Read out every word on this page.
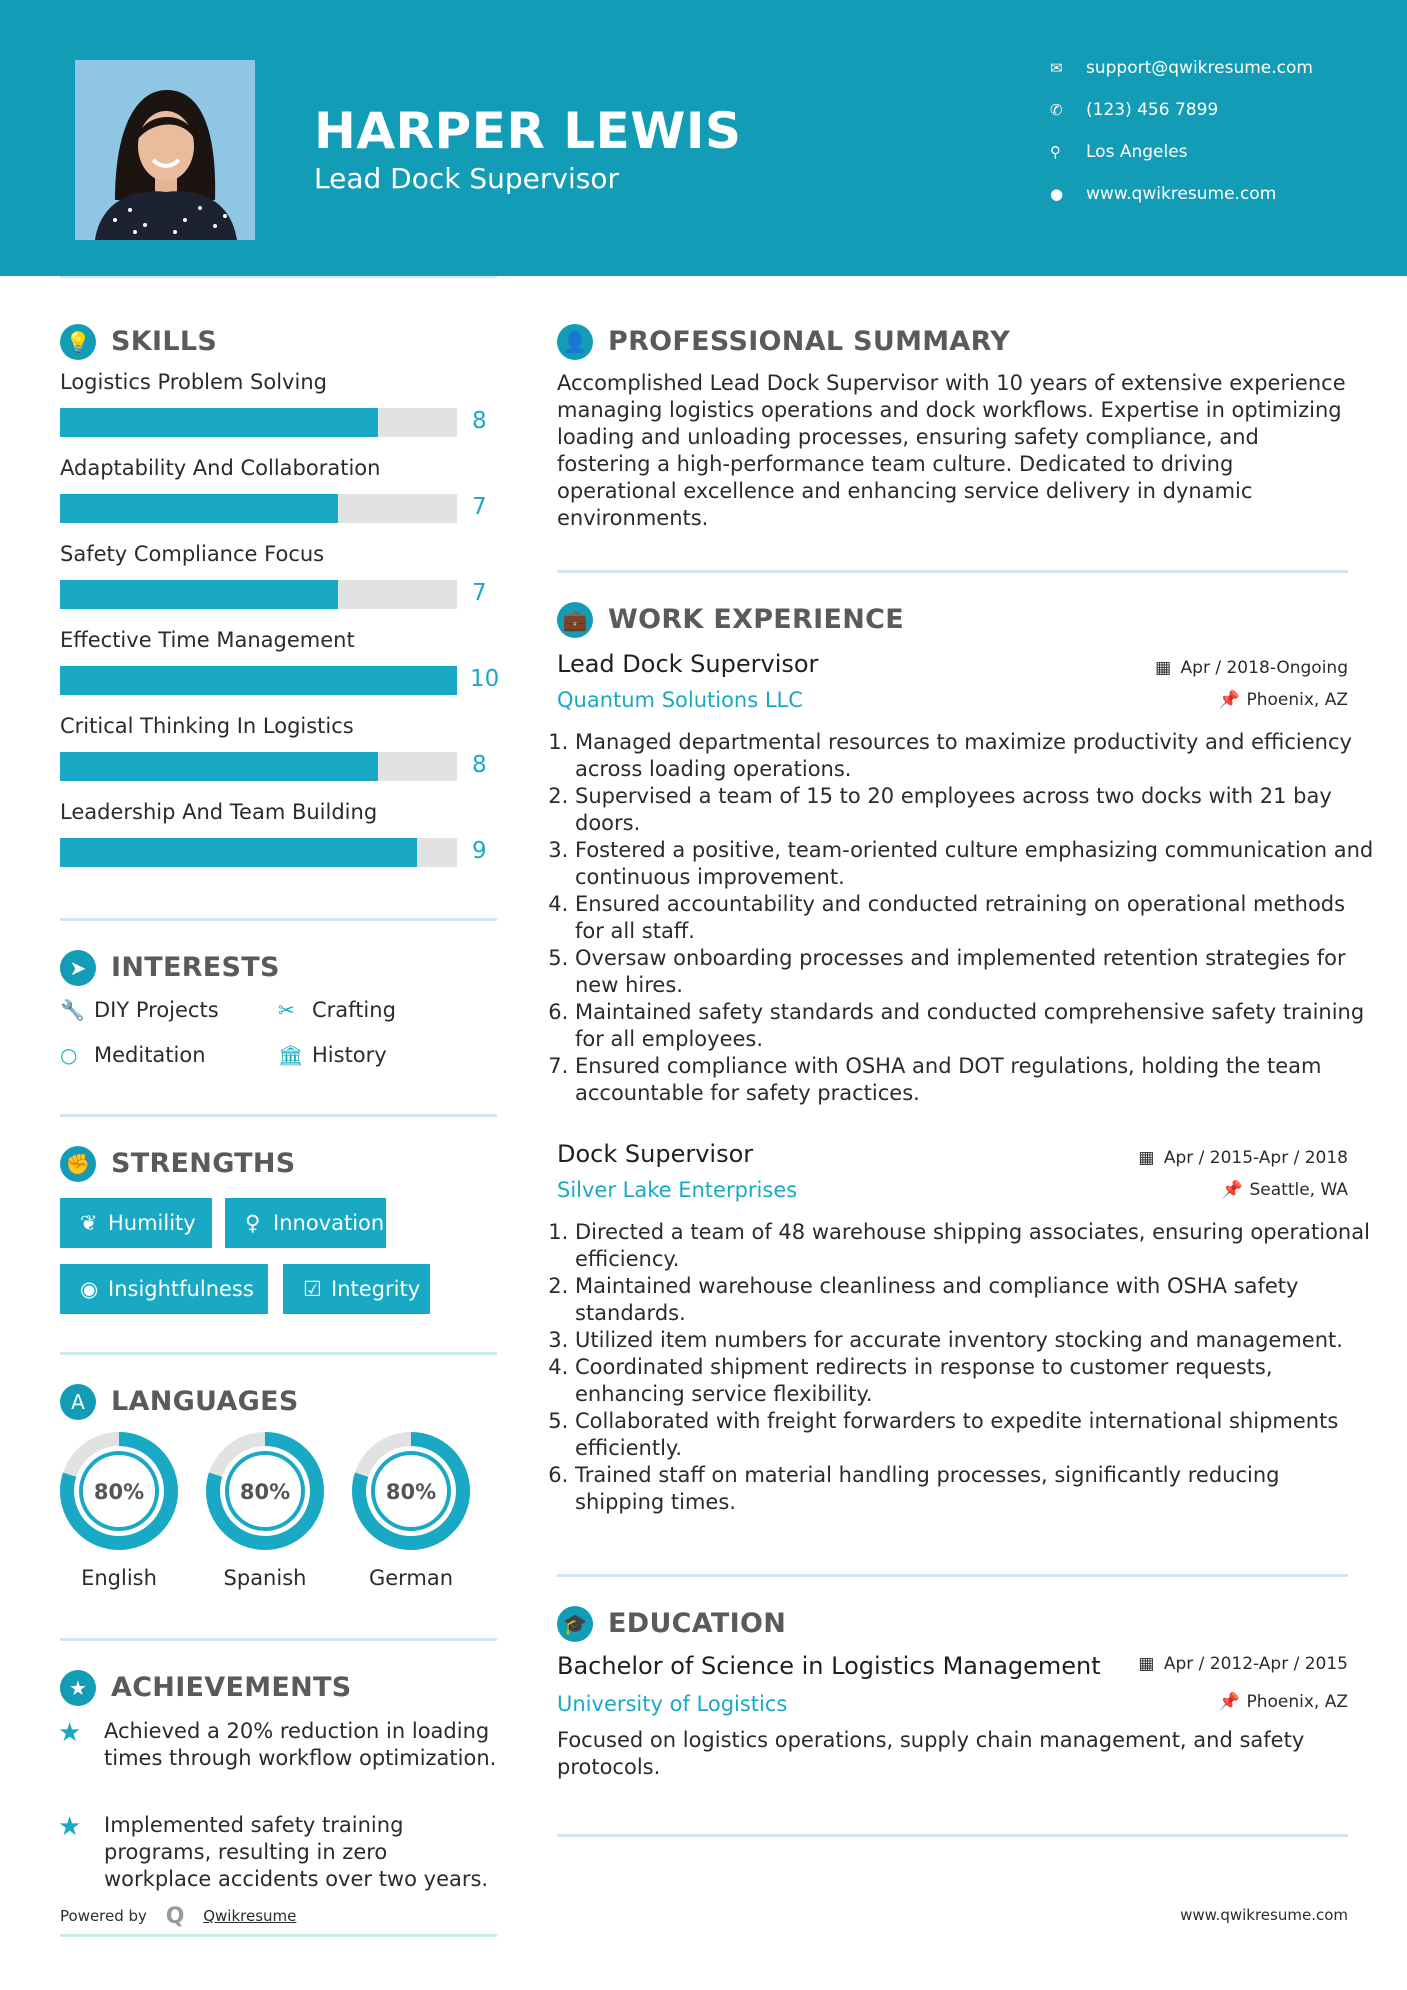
HARPER LEWIS
Lead Dock Supervisor
✉ support@qwikresume.com
✆ (123) 456 7899
⚲ Los Angeles
● www.qwikresume.com
💡 SKILLS
Logistics Problem Solving
8
Adaptability And Collaboration
7
Safety Compliance Focus
7
Effective Time Management
10
Critical Thinking In Logistics
8
Leadership And Team Building
9
➤ INTERESTS
🔧 DIY Projects	✂ Crafting
○ Meditation	🏛 History
✊ STRENGTHS
❦ Humility	♀ Innovation
◉ Insightfulness	☑ Integrity
A LANGUAGES
80%
English
80%
Spanish
80%
German
★ ACHIEVEMENTS
★ Achieved a 20% reduction in loading times through workflow optimization.
★ Implemented safety training programs, resulting in zero workplace accidents over two years.
Powered by Q Qwikresume
👤 PROFESSIONAL SUMMARY
Accomplished Lead Dock Supervisor with 10 years of extensive experience managing logistics operations and dock workflows. Expertise in optimizing loading and unloading processes, ensuring safety compliance, and fostering a high-performance team culture. Dedicated to driving operational excellence and enhancing service delivery in dynamic environments.
💼 WORK EXPERIENCE
Lead Dock Supervisor	▦ Apr / 2018-Ongoing
Quantum Solutions LLC	📌 Phoenix, AZ
1. Managed departmental resources to maximize productivity and efficiency across loading operations.
2. Supervised a team of 15 to 20 employees across two docks with 21 bay doors.
3. Fostered a positive, team-oriented culture emphasizing communication and continuous improvement.
4. Ensured accountability and conducted retraining on operational methods for all staff.
5. Oversaw onboarding processes and implemented retention strategies for new hires.
6. Maintained safety standards and conducted comprehensive safety training for all employees.
7. Ensured compliance with OSHA and DOT regulations, holding the team accountable for safety practices.
Dock Supervisor	▦ Apr / 2015-Apr / 2018
Silver Lake Enterprises	📌 Seattle, WA
1. Directed a team of 48 warehouse shipping associates, ensuring operational efficiency.
2. Maintained warehouse cleanliness and compliance with OSHA safety standards.
3. Utilized item numbers for accurate inventory stocking and management.
4. Coordinated shipment redirects in response to customer requests, enhancing service flexibility.
5. Collaborated with freight forwarders to expedite international shipments efficiently.
6. Trained staff on material handling processes, significantly reducing shipping times.
🎓 EDUCATION
Bachelor of Science in Logistics Management ▦ Apr / 2012-Apr / 2015
University of Logistics	📌 Phoenix, AZ
Focused on logistics operations, supply chain management, and safety protocols.
www.qwikresume.com
